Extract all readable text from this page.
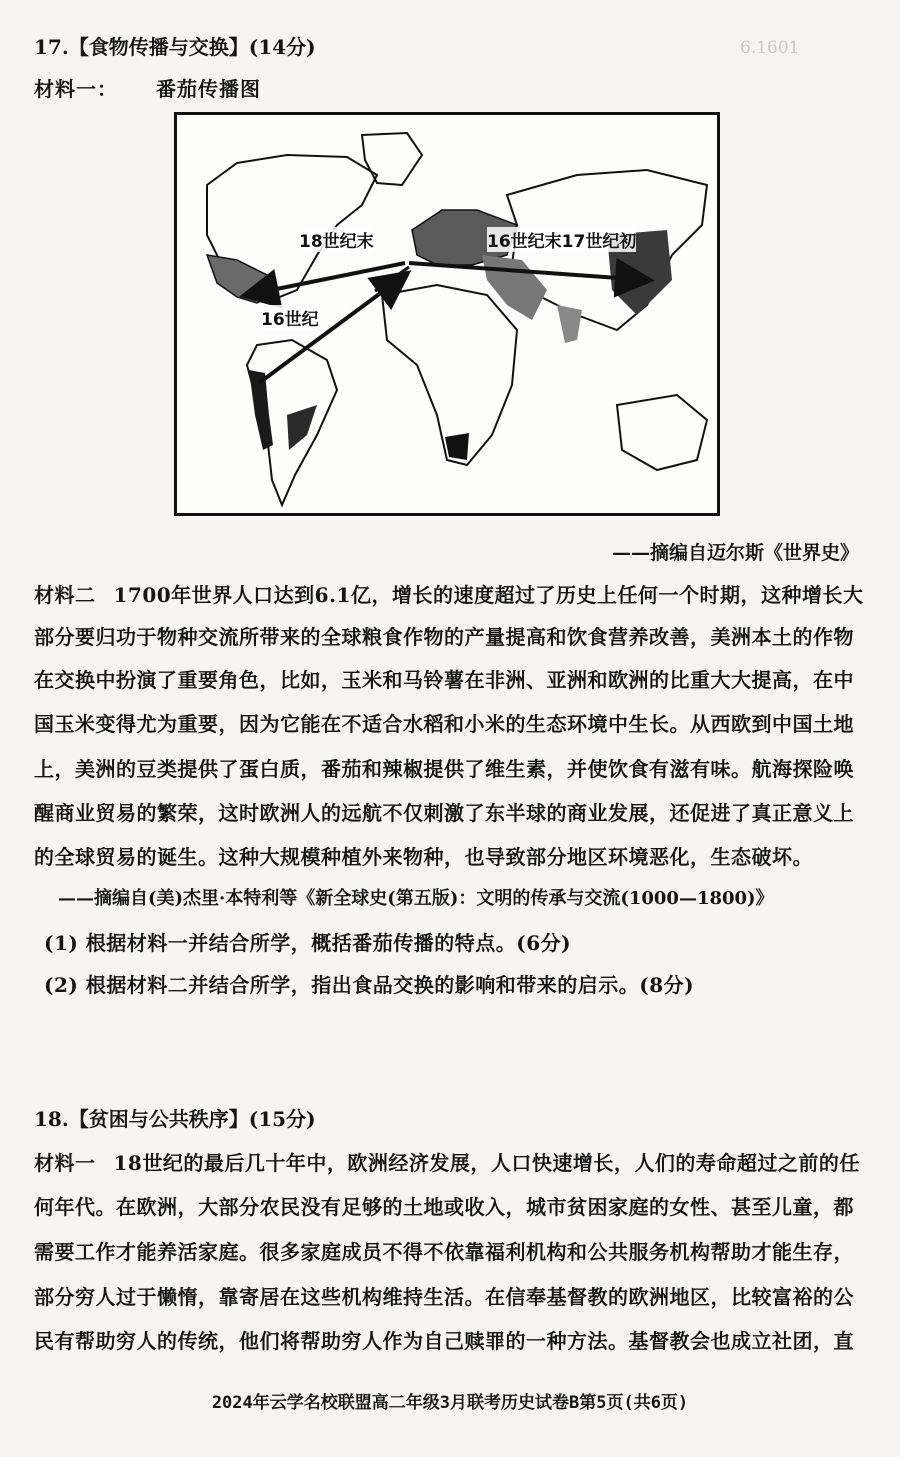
6.1601
17.【食物传播与交换】(14分)
材料一： 番茄传播图
18世纪末	16世纪末17世纪初
16世纪
——摘编自迈尔斯《世界史》
材料二 1700年世界人口达到6.1亿，增长的速度超过了历史上任何一个时期，这种增长大
部分要归功于物种交流所带来的全球粮食作物的产量提高和饮食营养改善，美洲本土的作物
在交换中扮演了重要角色，比如，玉米和马铃薯在非洲、亚洲和欧洲的比重大大提高，在中
国玉米变得尤为重要，因为它能在不适合水稻和小米的生态环境中生长。从西欧到中国土地
上，美洲的豆类提供了蛋白质，番茄和辣椒提供了维生素，并使饮食有滋有味。航海探险唤
醒商业贸易的繁荣，这时欧洲人的远航不仅刺激了东半球的商业发展，还促进了真正意义上
的全球贸易的诞生。这种大规模种植外来物种，也导致部分地区环境恶化，生态破坏。
——摘编自(美)杰里·本特利等《新全球史(第五版)：文明的传承与交流(1000—1800)》
(1) 根据材料一并结合所学，概括番茄传播的特点。(6分)
(2) 根据材料二并结合所学，指出食品交换的影响和带来的启示。(8分)
18.【贫困与公共秩序】(15分)
材料一 18世纪的最后几十年中，欧洲经济发展，人口快速增长，人们的寿命超过之前的任
何年代。在欧洲，大部分农民没有足够的土地或收入，城市贫困家庭的女性、甚至儿童，都
需要工作才能养活家庭。很多家庭成员不得不依靠福利机构和公共服务机构帮助才能生存，
部分穷人过于懒惰，靠寄居在这些机构维持生活。在信奉基督教的欧洲地区，比较富裕的公
民有帮助穷人的传统，他们将帮助穷人作为自己赎罪的一种方法。基督教会也成立社团，直
2024年云学名校联盟高二年级3月联考历史试卷B第5页(共6页)
